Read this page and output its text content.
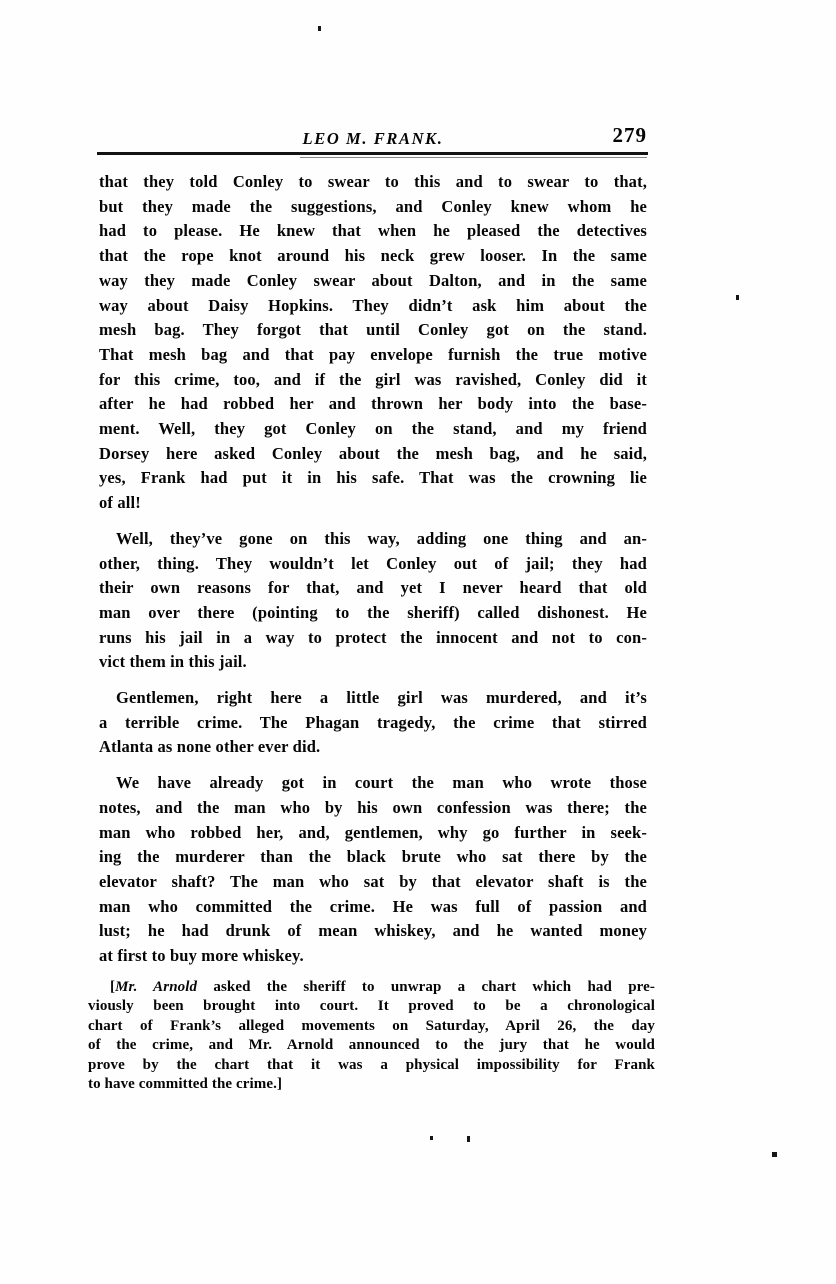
LEO M. FRANK.	279
that they told Conley to swear to this and to swear to that,
but they made the suggestions, and Conley knew whom he
had to please. He knew that when he pleased the detectives
that the rope knot around his neck grew looser. In the same
way they made Conley swear about Dalton, and in the same
way about Daisy Hopkins. They didn’t ask him about the
mesh bag. They forgot that until Conley got on the stand.
That mesh bag and that pay envelope furnish the true motive
for this crime, too, and if the girl was ravished, Conley did it
after he had robbed her and thrown her body into the base-
ment. Well, they got Conley on the stand, and my friend
Dorsey here asked Conley about the mesh bag, and he said,
yes, Frank had put it in his safe. That was the crowning lie
of all!
Well, they’ve gone on this way, adding one thing and an-
other, thing. They wouldn’t let Conley out of jail; they had
their own reasons for that, and yet I never heard that old
man over there (pointing to the sheriff) called dishonest. He
runs his jail in a way to protect the innocent and not to con-
vict them in this jail.
Gentlemen, right here a little girl was murdered, and it’s
a terrible crime. The Phagan tragedy, the crime that stirred
Atlanta as none other ever did.
We have already got in court the man who wrote those
notes, and the man who by his own confession was there; the
man who robbed her, and, gentlemen, why go further in seek-
ing the murderer than the black brute who sat there by the
elevator shaft? The man who sat by that elevator shaft is the
man who committed the crime. He was full of passion and
lust; he had drunk of mean whiskey, and he wanted money
at first to buy more whiskey.
[Mr. Arnold asked the sheriff to unwrap a chart which had pre-
viously been brought into court. It proved to be a chronological
chart of Frank’s alleged movements on Saturday, April 26, the day
of the crime, and Mr. Arnold announced to the jury that he would
prove by the chart that it was a physical impossibility for Frank
to have committed the crime.]
